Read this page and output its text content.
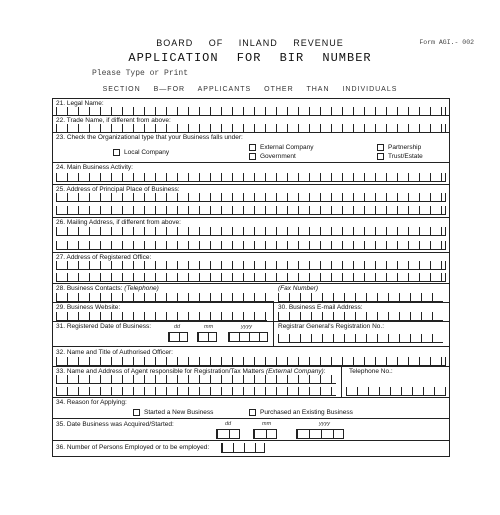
BOARD OF INLAND REVENUE	Form AGI.- 002
APPLICATION FOR BIR NUMBER
Please Type or Print
SECTION B—FOR APPLICANTS OTHER THAN INDIVIDUALS
21. Legal Name:
22. Trade Name, if different from above:
23. Check the Organizational type that your Business falls under:
Local Company
External Company
Government
Partnership
Trust/Estate
24. Main Business Activity:
25. Address of Principal Place of Business:
26. Mailing Address, if different from above:
27. Address of Registered Office:
28. Business Contacts: (Telephone)	(Fax Number)
29. Business Website:	30. Business E-mail Address:
31. Registered Date of Business:	dd	mm	yyyy	Registrar General's Registration No.:
32. Name and Title of Authorised Officer:
33. Name and Address of Agent responsible for Registration/Tax Matters (External Company):	Telephone No.:
34. Reason for Applying:
Started a New Business	Purchased an Existing Business
35. Date Business was Acquired/Started:	dd	mm	yyyy
36. Number of Persons Employed or to be employed:
